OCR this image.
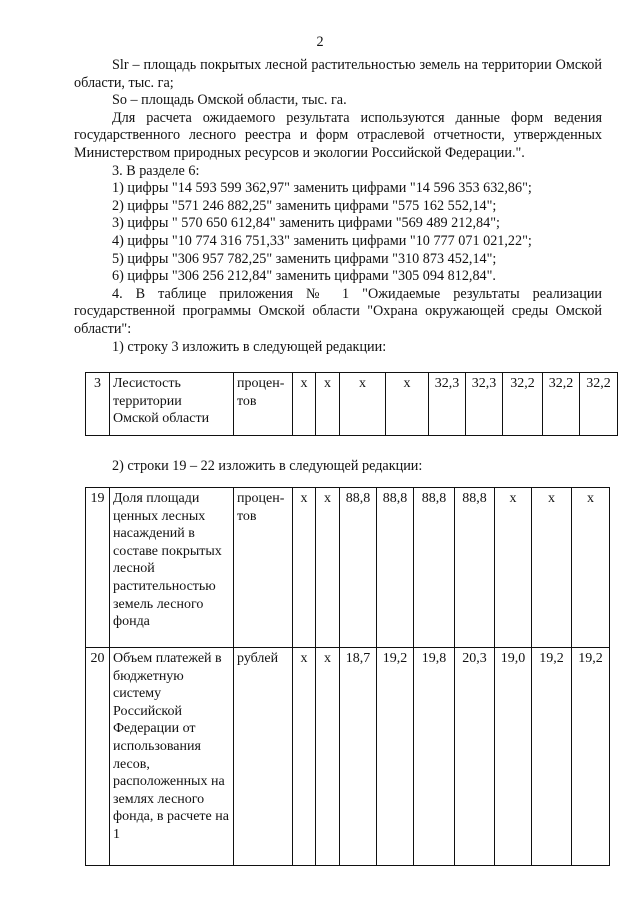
2

Slr – площадь покрытых лесной растительностью земель на территории Омской области, тыс. га;

So – площадь Омской области, тыс. га.

Для расчета ожидаемого результата используются данные форм ведения государственного лесного реестра и форм отраслевой отчетности, утвержденных Министерством природных ресурсов и экологии Российской Федерации.".

3. В разделе 6:

1) цифры "14 593 599 362,97" заменить цифрами "14 596 353 632,86";

2) цифры "571 246 882,25" заменить цифрами "575 162 552,14";

3) цифры " 570 650 612,84" заменить цифрами "569 489 212,84";

4) цифры "10 774 316 751,33" заменить цифрами "10 777 071 021,22";

5) цифры "306 957 782,25" заменить цифрами "310 873 452,14";

6) цифры "306 256 212,84" заменить цифрами "305 094 812,84".

4. В таблице приложения № 1 "Ожидаемые результаты реализации государственной программы Омской области "Охрана окружающей среды Омской области":

1) строку 3 изложить в следующей редакции:

3	Лесистость территории Омской области	процен-тов	x	x	x	x	32,3	32,3	32,2	32,2	32,2

2) строки 19 – 22 изложить в следующей редакции:

19	Доля площади ценных лесных насаждений в составе покрытых лесной растительностью земель лесного фонда	процен-тов	x	x	88,8	88,8	88,8	88,8	x	x	x
20	Объем платежей в бюджетную систему Российской Федерации от использования лесов, расположенных на землях лесного фонда, в расчете на 1	рублей	x	x	18,7	19,2	19,8	20,3	19,0	19,2	19,2
